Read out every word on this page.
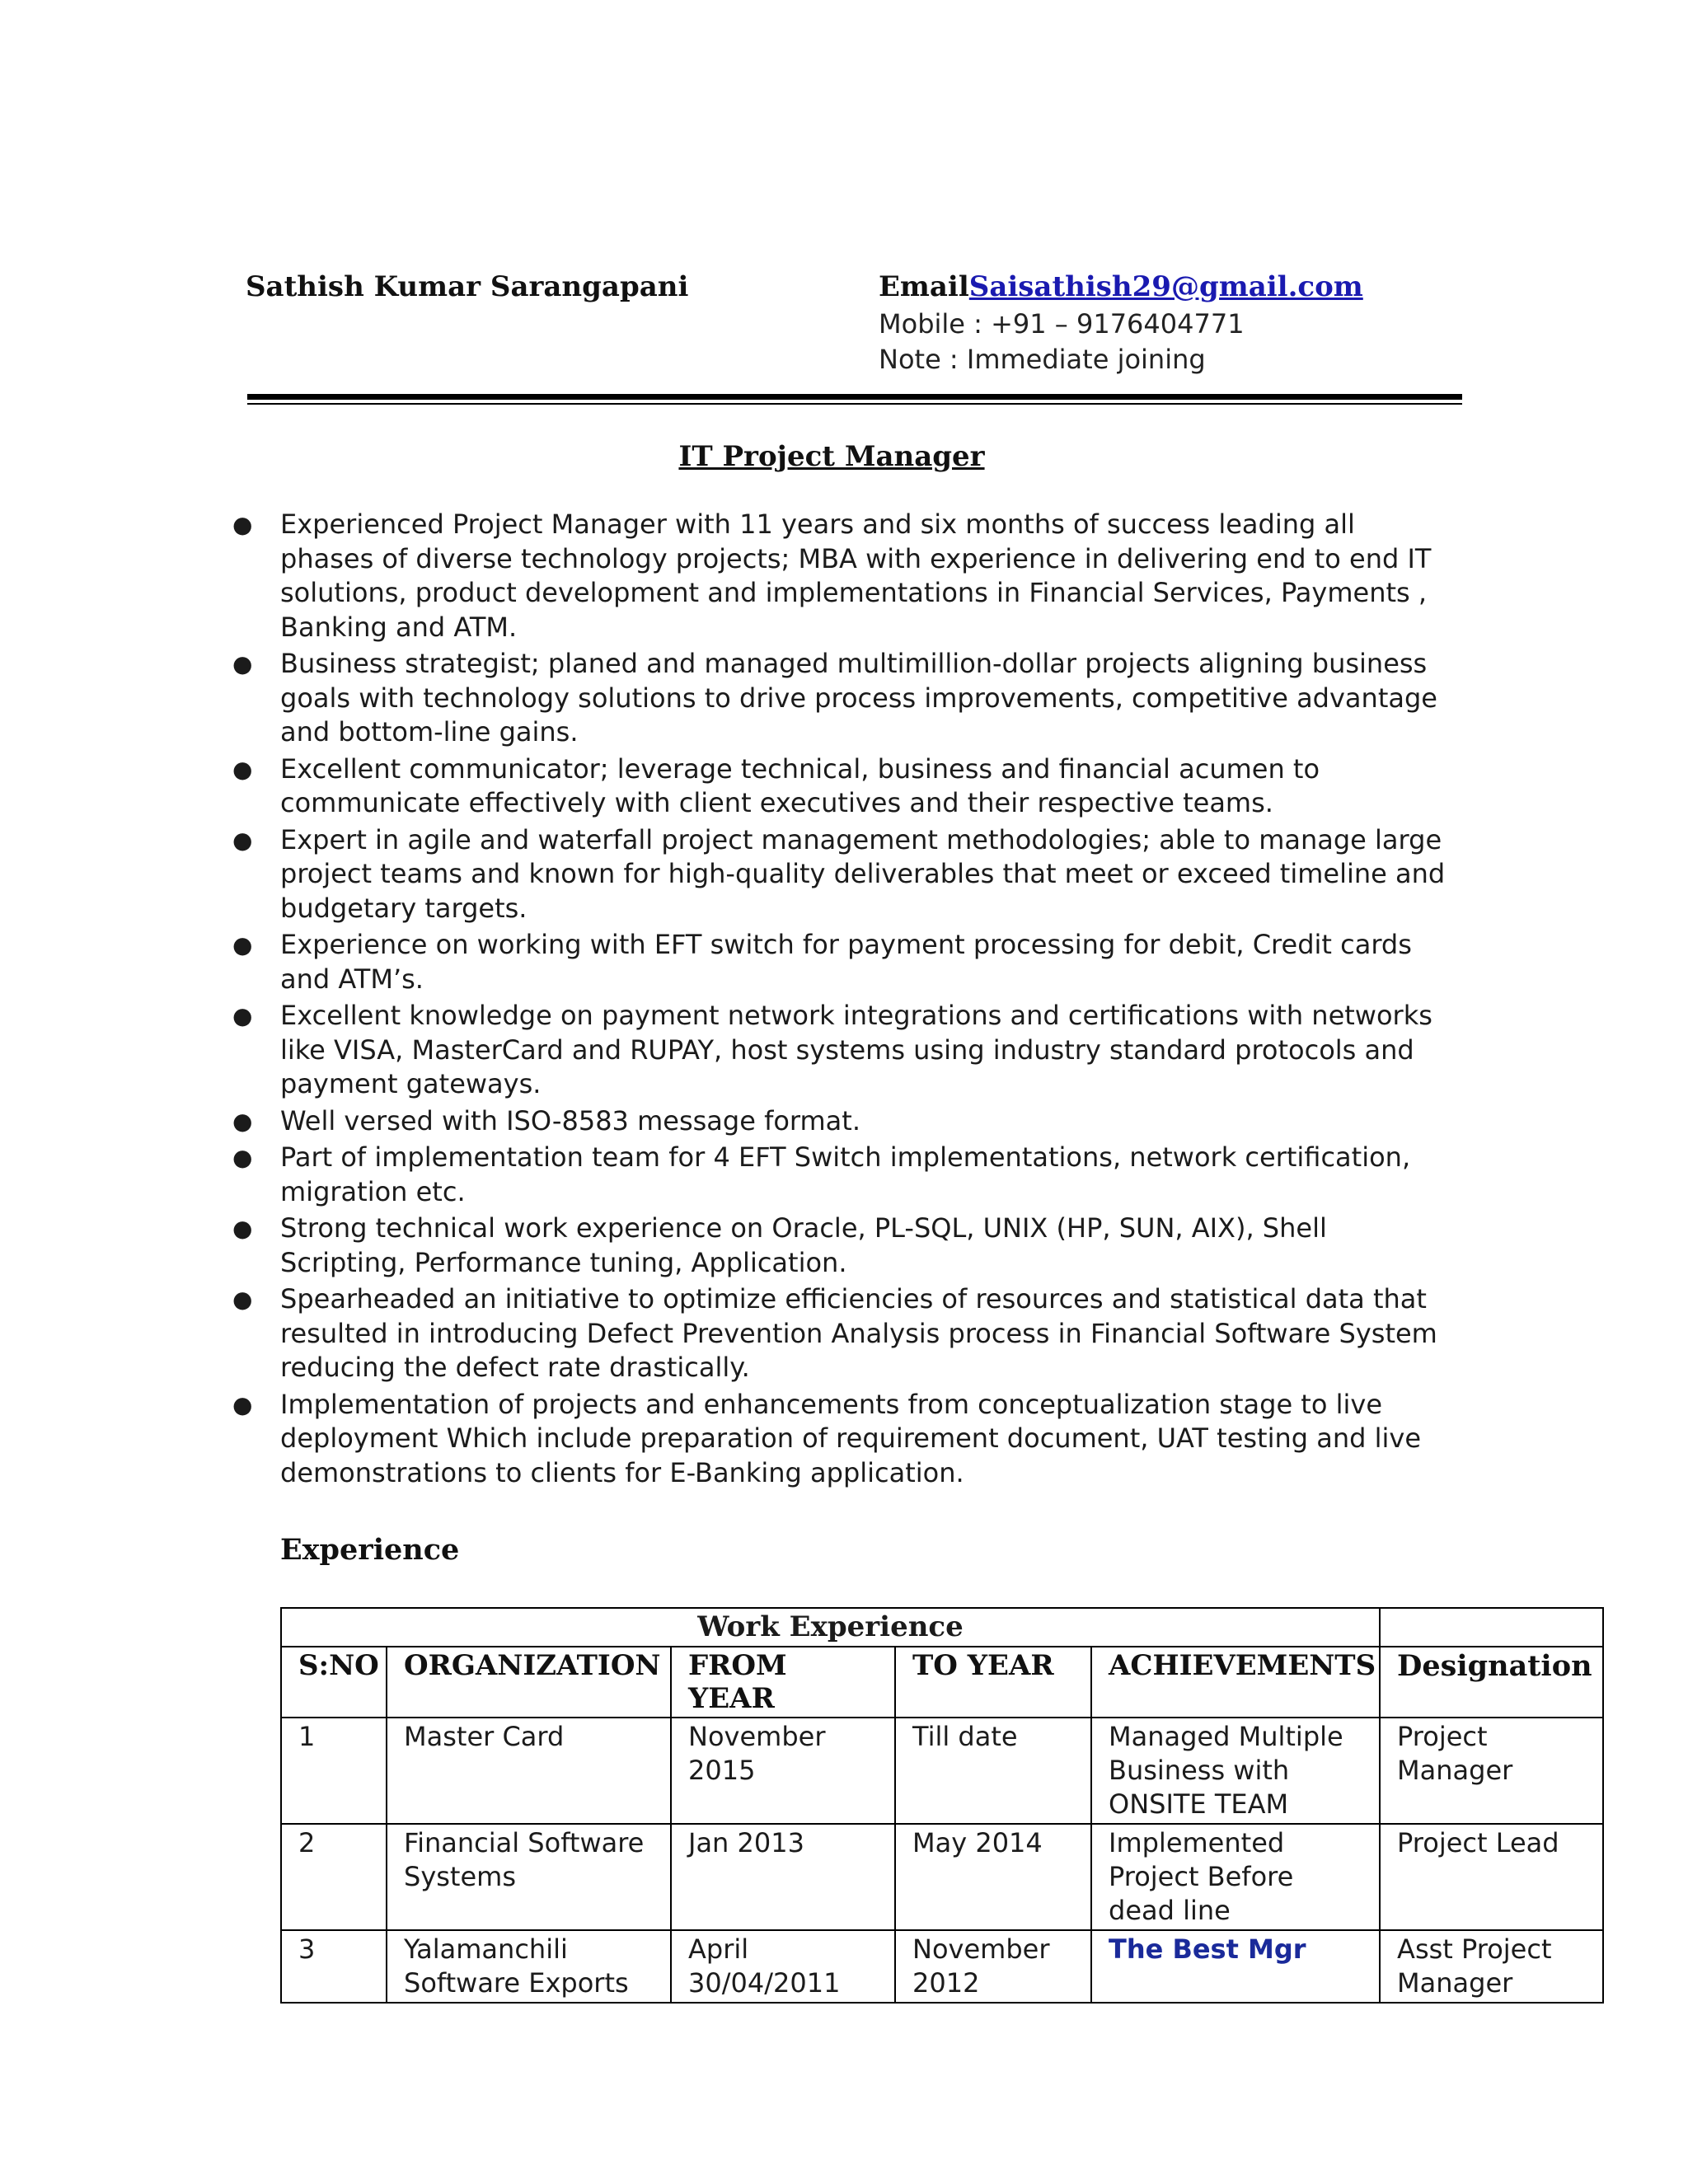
Sathish Kumar Sarangapani	EmailSaisathish29@gmail.com
Mobile : +91 – 9176404771
Note : Immediate joining
IT Project Manager
● Experienced Project Manager with 11 years and six months of success leading all phases of diverse technology projects; MBA with experience in delivering end to end IT solutions, product development and implementations in Financial Services, Payments , Banking and ATM.
● Business strategist; planed and managed multimillion-dollar projects aligning business goals with technology solutions to drive process improvements, competitive advantage and bottom-line gains.
● Excellent communicator; leverage technical, business and financial acumen to communicate effectively with client executives and their respective teams.
● Expert in agile and waterfall project management methodologies; able to manage large project teams and known for high-quality deliverables that meet or exceed timeline and budgetary targets.
● Experience on working with EFT switch for payment processing for debit, Credit cards and ATM’s.
● Excellent knowledge on payment network integrations and certifications with networks like VISA, MasterCard and RUPAY, host systems using industry standard protocols and payment gateways.
● Well versed with ISO-8583 message format.
● Part of implementation team for 4 EFT Switch implementations, network certification, migration etc.
● Strong technical work experience on Oracle, PL-SQL, UNIX (HP, SUN, AIX), Shell Scripting, Performance tuning, Application.
● Spearheaded an initiative to optimize efficiencies of resources and statistical data that resulted in introducing Defect Prevention Analysis process in Financial Software System reducing the defect rate drastically.
● Implementation of projects and enhancements from conceptualization stage to live deployment Which include preparation of requirement document, UAT testing and live demonstrations to clients for E-Banking application.
Experience
Work Experience					
S:NO	ORGANIZATION	FROM YEAR	TO YEAR	ACHIEVEMENTS	Designation
1	Master Card	November 2015	Till date	Managed Multiple Business with ONSITE TEAM	Project Manager
2	Financial Software Systems	Jan 2013	May 2014	Implemented Project Before dead line	Project Lead
3	Yalamanchili Software Exports	April 30/04/2011	November 2012	The Best Mgr	Asst Project Manager
